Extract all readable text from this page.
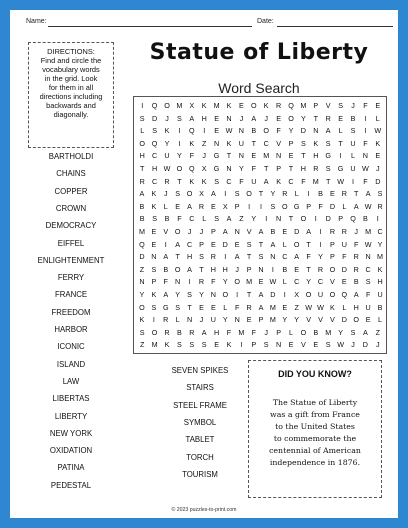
Name:	Date:
DIRECTIONS:
Find and circle the
vocabulary words
in the grid. Look
for them in all
directions including
backwards and
diagonally.
Statue of Liberty
Word Search
I	Q O M X	K M K	E	O	K	R Q M P	V	S	J	F	E
S	D	J	S	A	H	E	N	J	A	J	E	O	Y	T	R	E	B	I	L
L	S	K	I	Q	I	E W N	B	O	F	Y	D	N	A	L	S	I	W
O Q	Y	I	K	Z	N	K	U	T	C	V	P	S	K	S	T	U	F	K
H C	U	Y	F	J	G	T	N	E M N	E	T	H G	I	L	N	E
T	H W O Q	X G N	Y	F	T	P	T	H	R	S G U W	J
R C	R	T	K	K	S	C	F	U	A	K	C	F	M	T W	I	F	D
A K	J	S O X A	I	S O T	Y R	L	I	B E R T	A S
B K	L	E A R E X P	I	I	S O G P	F D	L	A W R
B	S	B	F	C	L	S	A	Z	Y	I	N	T	O	I	D	P	Q	B	I
M E V O	J	J	P A N V A B E D A	I	R R	J M C
Q E	I	A C P E D E S	T	A	L O T	I	P U F W Y
D N A	T H S R	I	A	T	S N C A	F	Y P	F R N M
Z	S B O A	T H H	J	P N	I	B E	T R O D R C K
N P	F N	I	R F	Y O M E W L	C Y C V E B S H
Y K A Y S Y N O	I	T	A D	I	X O U O Q A	F U
O S G S	T	E E	L	F R A M E	Z W W K	L	H U B
K	I	R	L	N	J	U Y N E P M Y Y V V V D O E	L
S O R	B	R	A	H	F M	F	J	P	L	O	B M Y	S	A	Z
Z M K	S	S	S	E	K	I	P	S	N	E	V	E	S W	J	D	J
BARTHOLDI
CHAINS
COPPER
CROWN
DEMOCRACY
EIFFEL
ENLIGHTENMENT
FERRY
FRANCE
FREEDOM
HARBOR
ICONIC
ISLAND
LAW
LIBERTAS
LIBERTY
NEW YORK
OXIDATION
PATINA
PEDESTAL
SEVEN SPIKES
STAIRS
STEEL FRAME
SYMBOL
TABLET
TORCH
TOURISM
DID YOU KNOW?
The Statue of Liberty
was a gift from France
to the United States
to commemorate the
centennial of American
independence in 1876.
© 2023 puzzles-to-print.com
